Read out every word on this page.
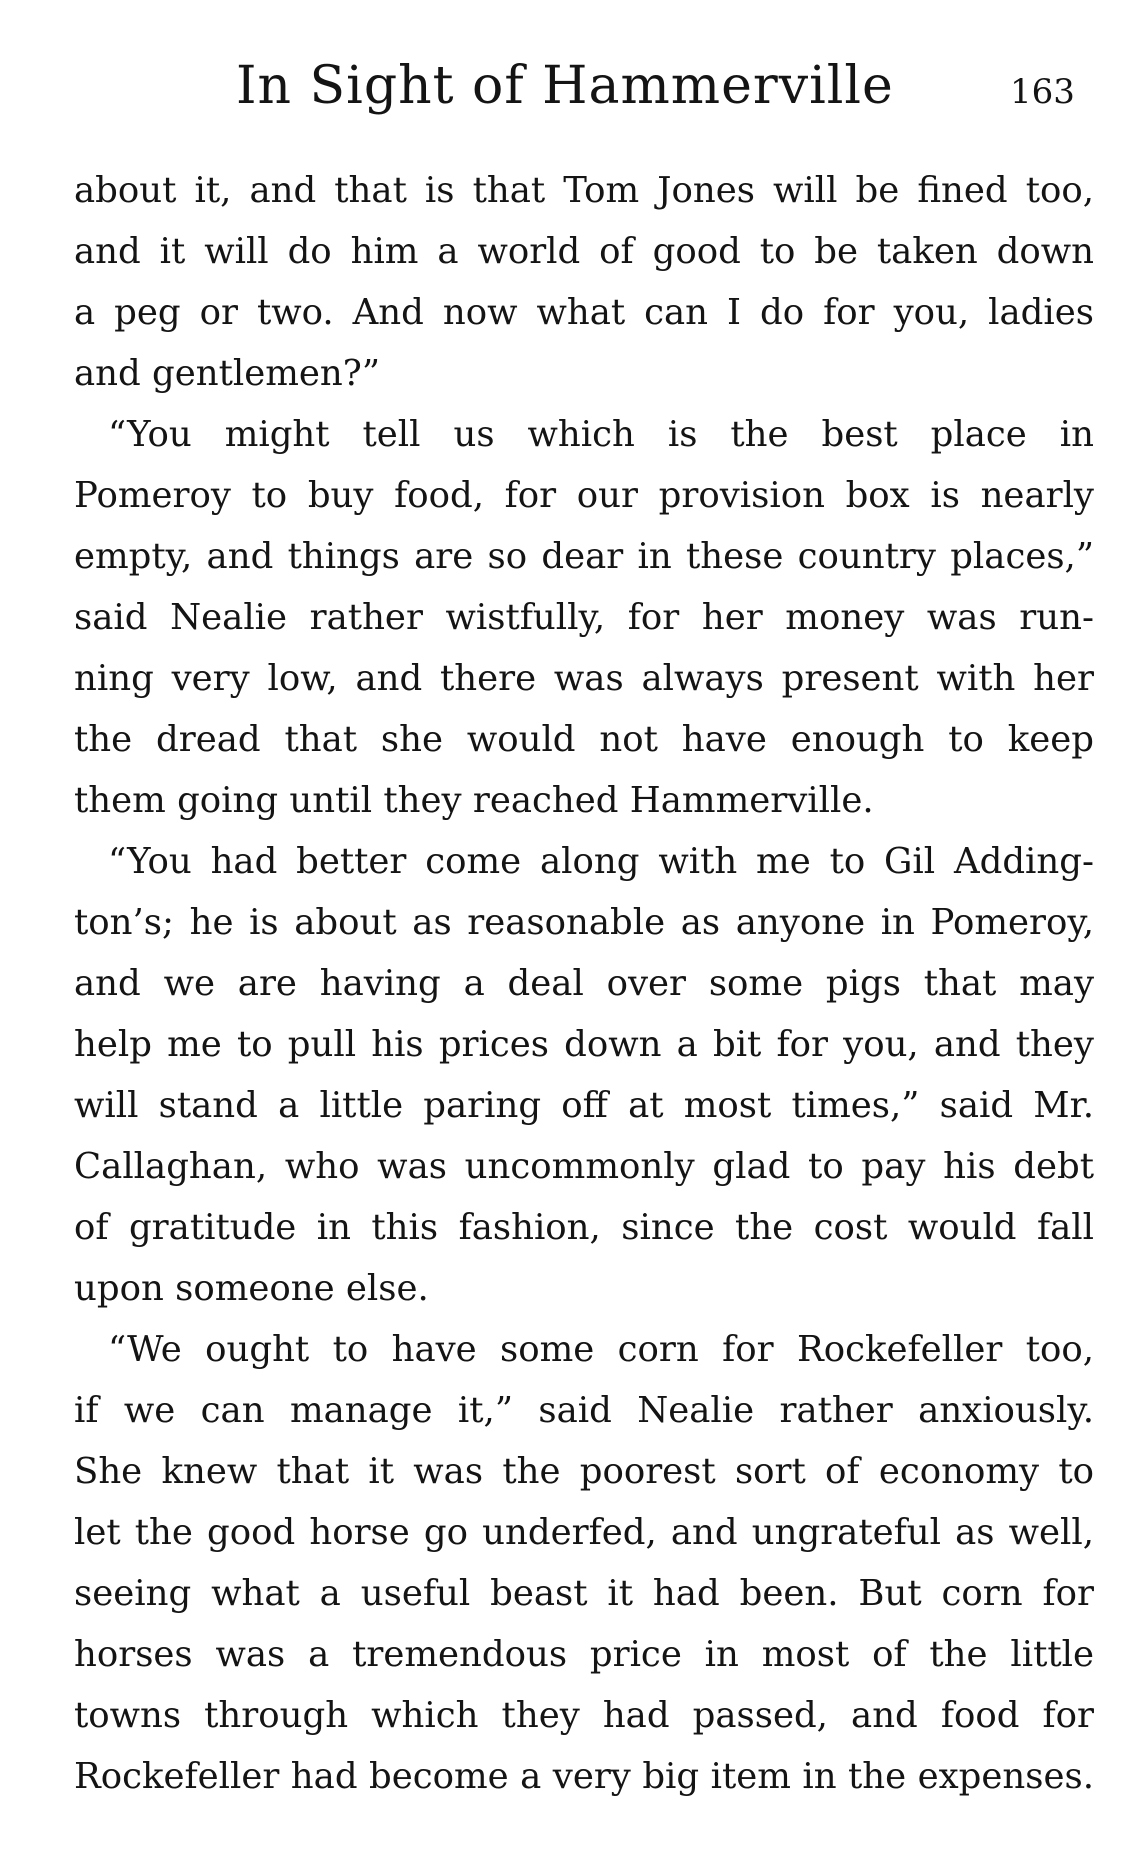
In Sight of Hammerville	163
about it, and that is that Tom Jones will be fined too,
and it will do him a world of good to be taken down
a peg or two. And now what can I do for you, ladies
and gentlemen?”
“You might tell us which is the best place in
Pomeroy to buy food, for our provision box is nearly
empty, and things are so dear in these country places,”
said Nealie rather wistfully, for her money was run-
ning very low, and there was always present with her
the dread that she would not have enough to keep
them going until they reached Hammerville.
“You had better come along with me to Gil Adding-
ton’s; he is about as reasonable as anyone in Pomeroy,
and we are having a deal over some pigs that may
help me to pull his prices down a bit for you, and they
will stand a little paring off at most times,” said Mr.
Callaghan, who was uncommonly glad to pay his debt
of gratitude in this fashion, since the cost would fall
upon someone else.
“We ought to have some corn for Rockefeller too,
if we can manage it,” said Nealie rather anxiously.
She knew that it was the poorest sort of economy to
let the good horse go underfed, and ungrateful as well,
seeing what a useful beast it had been. But corn for
horses was a tremendous price in most of the little
towns through which they had passed, and food for
Rockefeller had become a very big item in the expenses.
